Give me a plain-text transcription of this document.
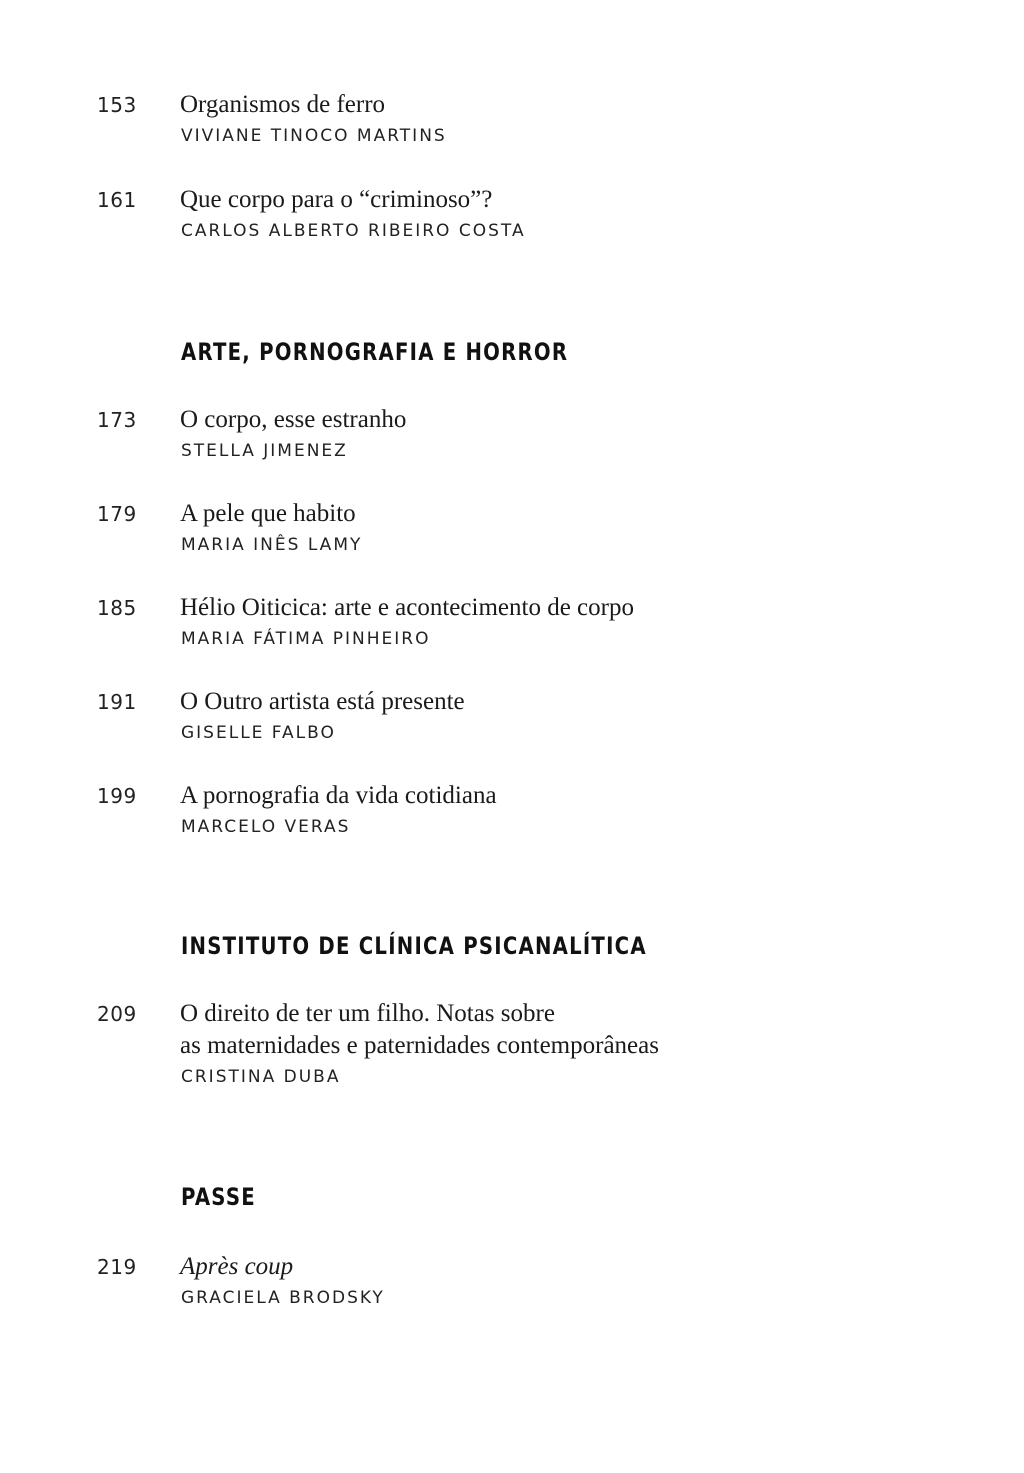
153 Organismos de ferro
VIVIANE TINOCO MARTINS
161 Que corpo para o “criminoso”?
CARLOS ALBERTO RIBEIRO COSTA
ARTE, PORNOGRAFIA E HORROR
173 O corpo, esse estranho
STELLA JIMENEZ
179 A pele que habito
MARIA INÊS LAMY
185 Hélio Oiticica: arte e acontecimento de corpo
MARIA FÁTIMA PINHEIRO
191 O Outro artista está presente
GISELLE FALBO
199 A pornografia da vida cotidiana
MARCELO VERAS
INSTITUTO DE CLÍNICA PSICANALÍTICA
209 O direito de ter um filho. Notas sobre
as maternidades e paternidades contemporâneas
CRISTINA DUBA
PASSE
219 Après coup
GRACIELA BRODSKY
